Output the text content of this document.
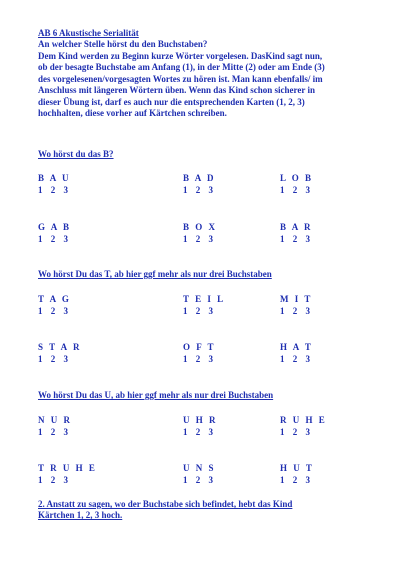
AB 6 Akustische Serialität
An welcher Stelle hörst du den Buchstaben?
Dem Kind werden zu Beginn kurze Wörter vorgelesen. DasKind sagt nun,
ob der besagte Buchstabe am Anfang (1), in der Mitte (2) oder am Ende (3)
des vorgelesenen/vorgesagten Wortes zu hören ist. Man kann ebenfalls/ im
Anschluss mit längeren Wörtern üben. Wenn das Kind schon sicherer in
dieser Übung ist, darf es auch nur die entsprechenden Karten (1, 2, 3)
hochhalten, diese vorher auf Kärtchen schreiben.
Wo hörst du das B?
B A U
1 2 3
B A D
1 2 3
L O B
1 2 3
G A B
1 2 3
B O X
1 2 3
B A R
1 2 3
Wo hörst Du das T, ab hier ggf mehr als nur drei Buchstaben
T A G
1 2 3
T E I L
1 2 3
M I T
1 2 3
S T A R
1 2 3
O F T
1 2 3
H A T
1 2 3
Wo hörst Du das U, ab hier ggf mehr als nur drei Buchstaben
N U R
1 2 3
U H R
1 2 3
R U H E
1 2 3
T R U H E
1 2 3
U N S
1 2 3
H U T
1 2 3
2. Anstatt zu sagen, wo der Buchstabe sich befindet, hebt das Kind
Kärtchen 1, 2, 3 hoch.
